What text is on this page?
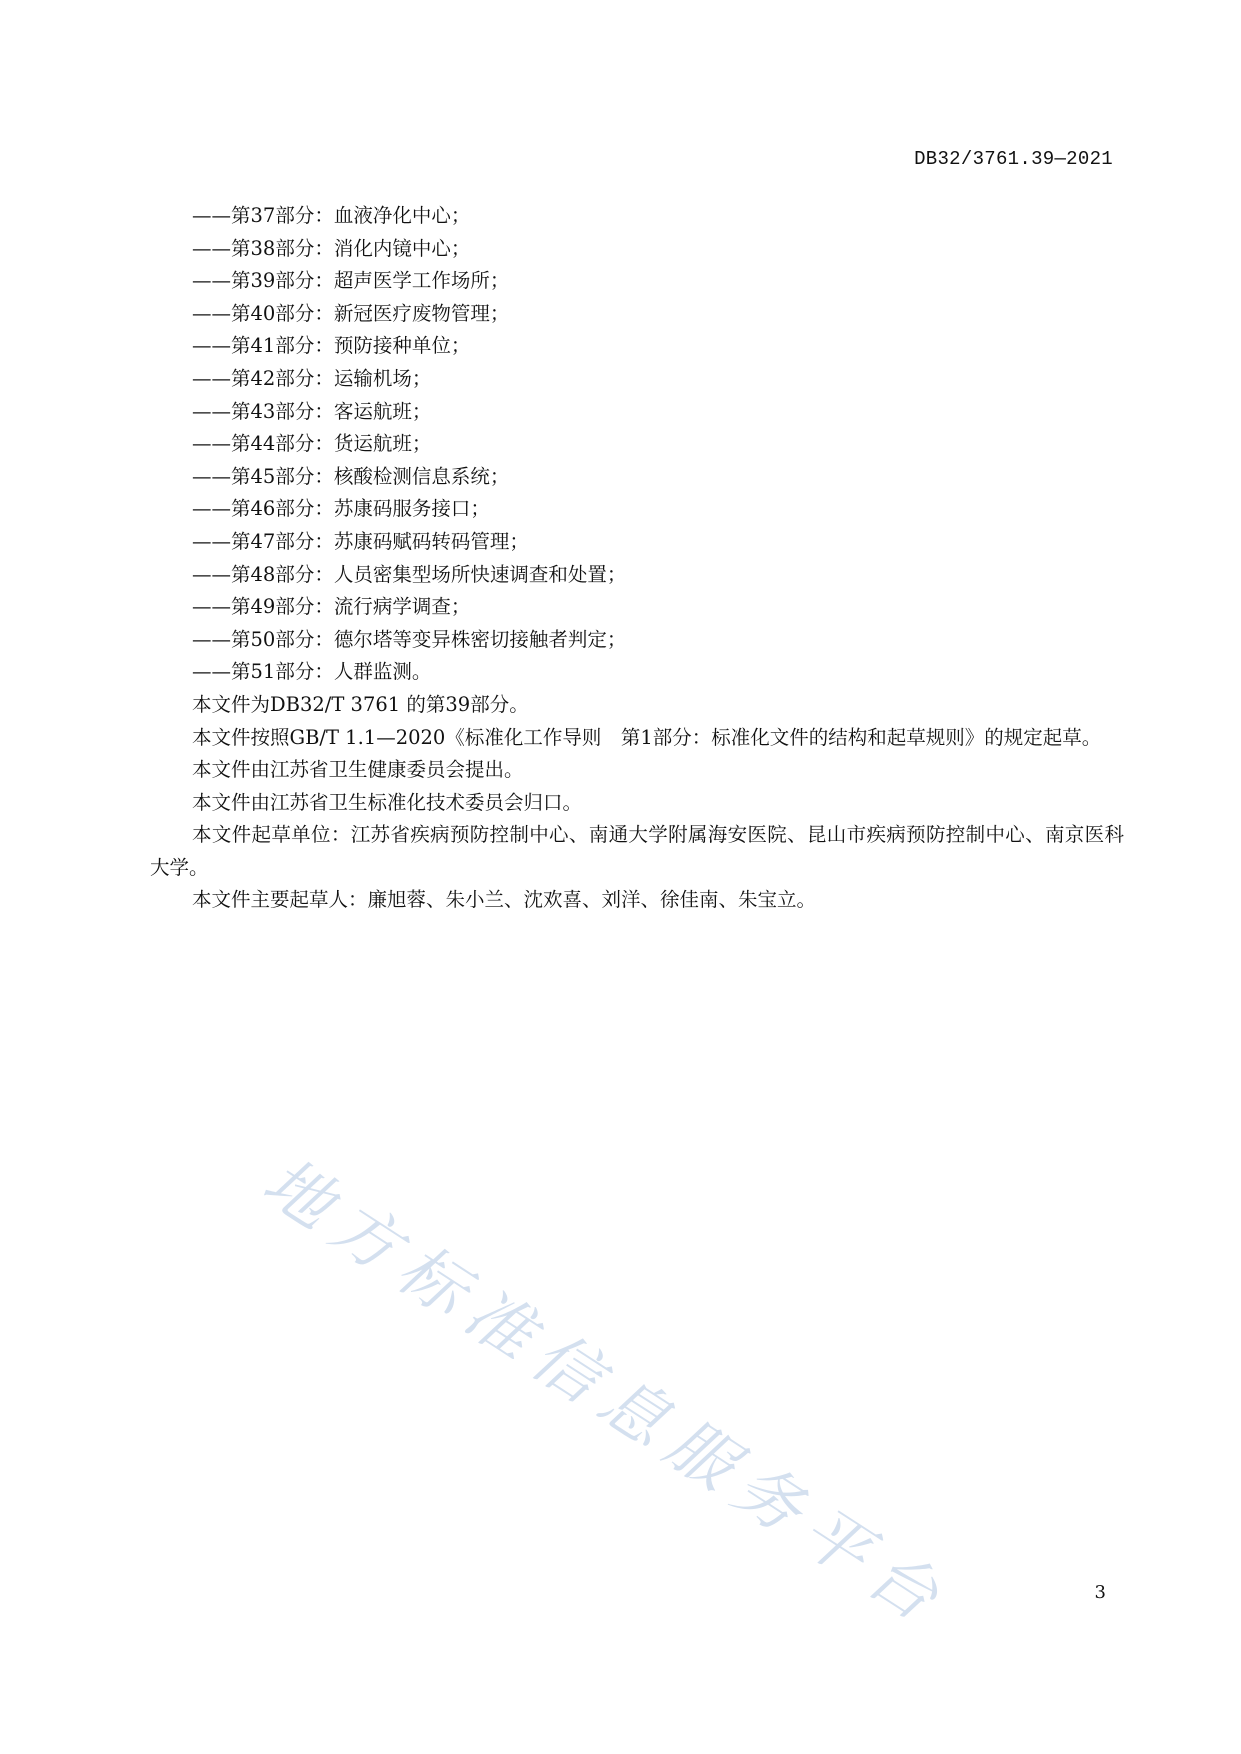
DB32/3761.39—2021
——第37部分：血液净化中心；
——第38部分：消化内镜中心；
——第39部分：超声医学工作场所；
——第40部分：新冠医疗废物管理；
——第41部分：预防接种单位；
——第42部分：运输机场；
——第43部分：客运航班；
——第44部分：货运航班；
——第45部分：核酸检测信息系统；
——第46部分：苏康码服务接口；
——第47部分：苏康码赋码转码管理；
——第48部分：人员密集型场所快速调查和处置；
——第49部分：流行病学调查；
——第50部分：德尔塔等变异株密切接触者判定；
——第51部分：人群监测。

本文件为DB32/T 3761 的第39部分。

本文件按照GB/T 1.1—2020《标准化工作导则　第1部分：标准化文件的结构和起草规则》的规定起草。

本文件由江苏省卫生健康委员会提出。

本文件由江苏省卫生标准化技术委员会归口。

本文件起草单位：江苏省疾病预防控制中心、南通大学附属海安医院、昆山市疾病预防控制中心、南京医科大学。

本文件主要起草人：廉旭蓉、朱小兰、沈欢喜、刘洋、徐佳南、朱宝立。

地方标准信息服务平台	3
